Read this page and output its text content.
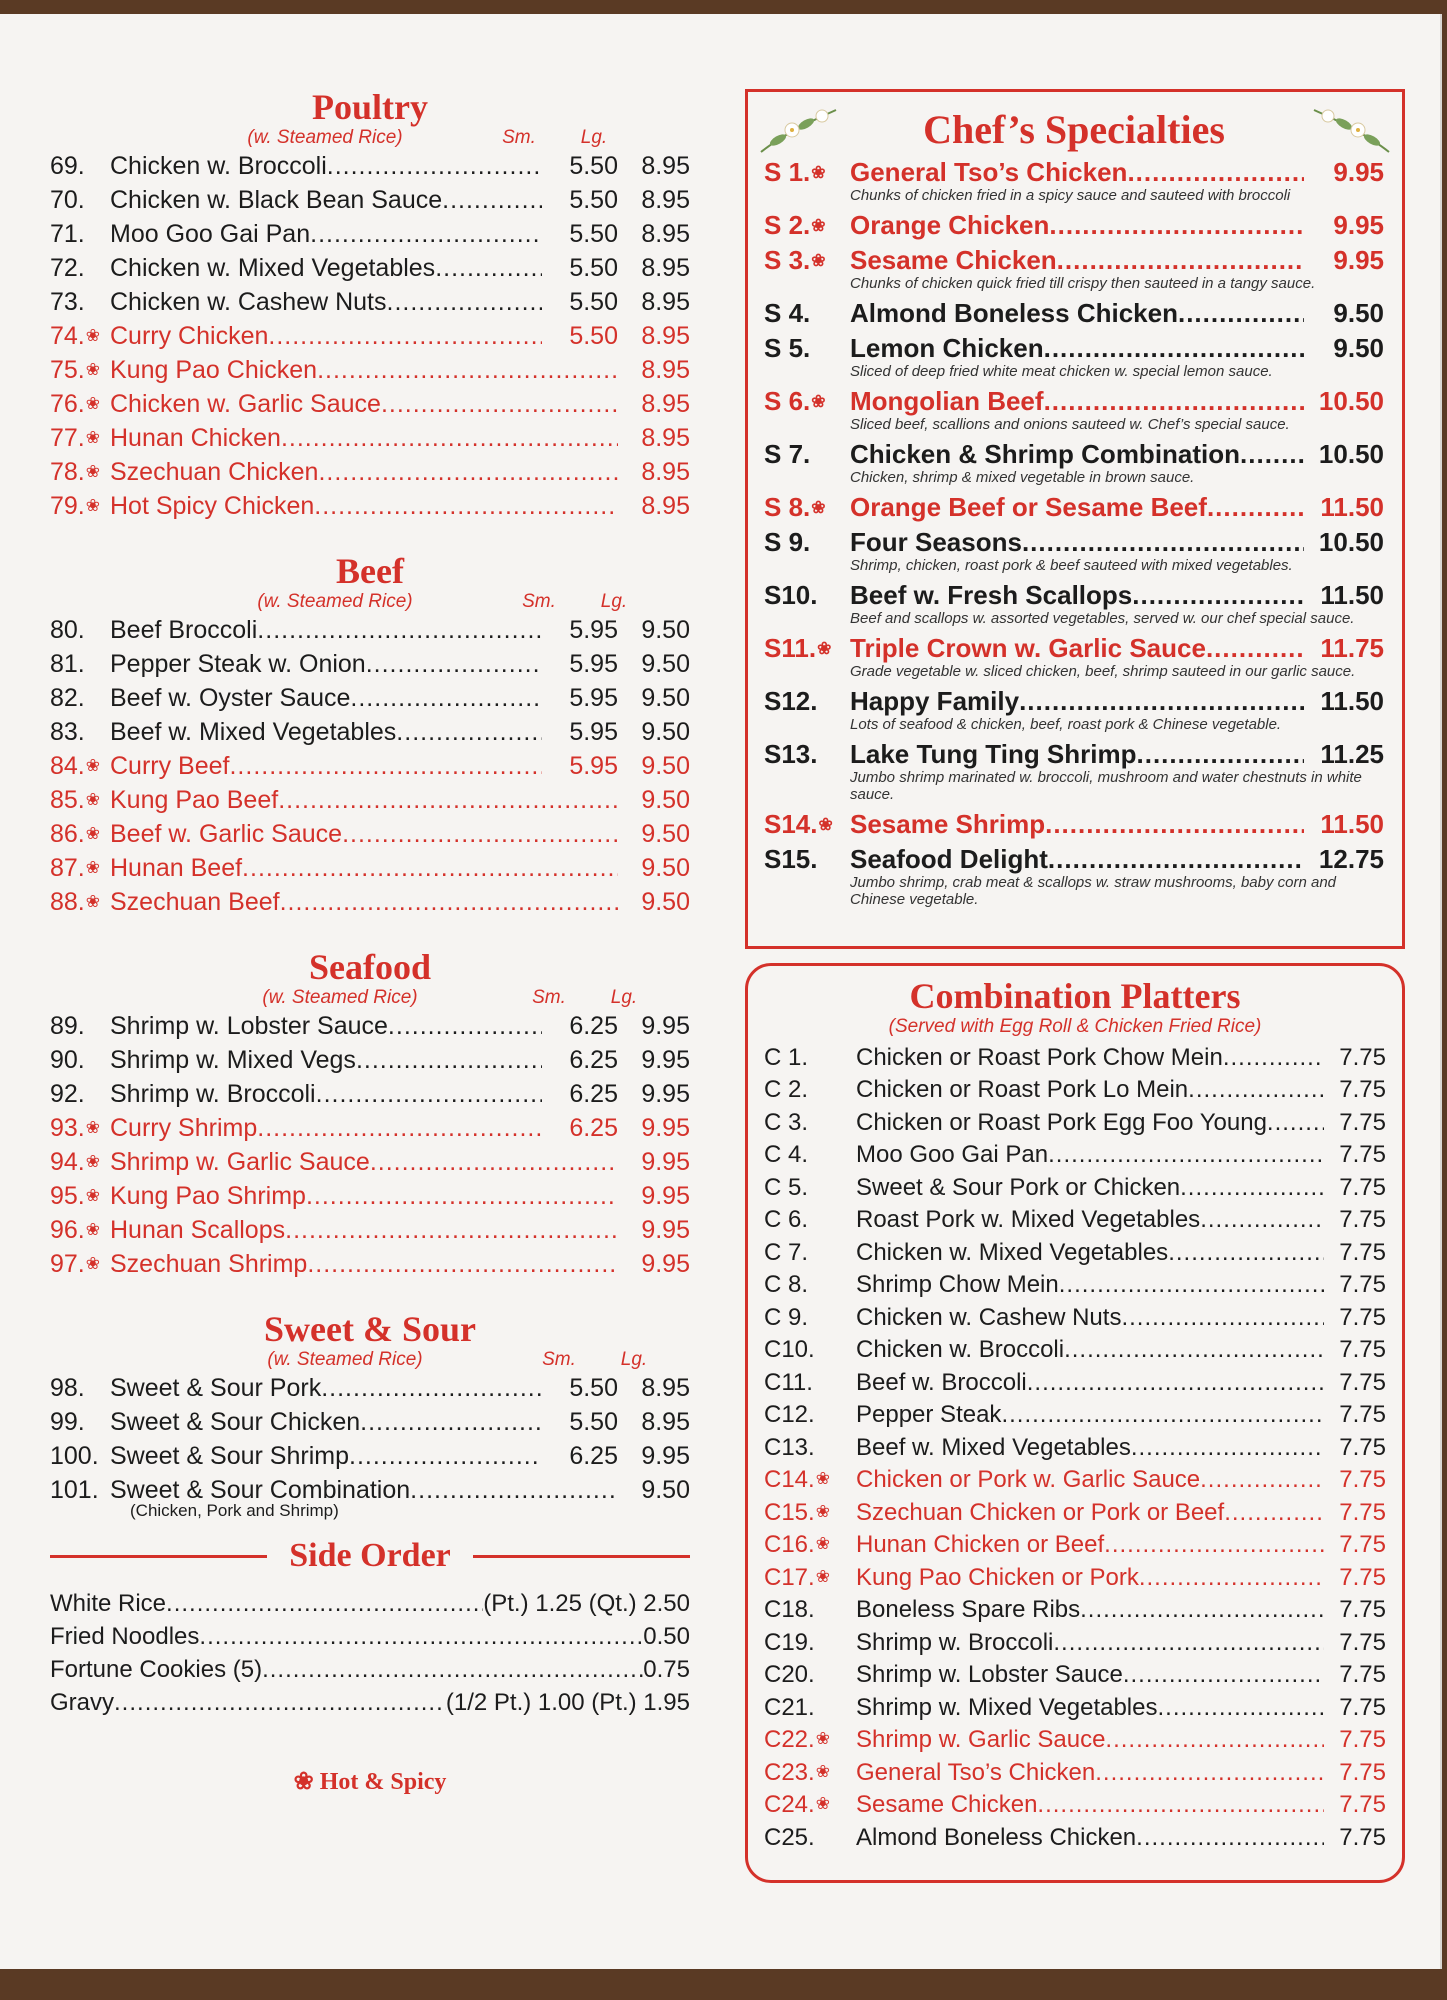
Poultry
(w. Steamed Rice)	Sm.	Lg.
69.	Chicken w. Broccoli .....	5.50 8.95
70.	Chicken w. Black Bean Sauce .....	5.50 8.95
71.	Moo Goo Gai Pan .....	5.50 8.95
72.	Chicken w. Mixed Vegetables .....	5.50 8.95
73.	Chicken w. Cashew Nuts .....	5.50 8.95
74.❀ Curry Chicken .....	5.50 8.95
75.❀ Kung Pao Chicken .....	8.95
76.❀ Chicken w. Garlic Sauce .....	8.95
77.❀ Hunan Chicken .....	8.95
78.❀ Szechuan Chicken .....	8.95
79.❀ Hot Spicy Chicken .....	8.95
Beef
(w. Steamed Rice)	Sm.	Lg.
80.	Beef Broccoli .....	5.95 9.50
81.	Pepper Steak w. Onion .....	5.95 9.50
82.	Beef w. Oyster Sauce .....	5.95 9.50
83.	Beef w. Mixed Vegetables .....	5.95 9.50
84.❀ Curry Beef .....	5.95 9.50
85.❀ Kung Pao Beef .....	9.50
86.❀ Beef w. Garlic Sauce .....	9.50
87.❀ Hunan Beef .....	9.50
88.❀ Szechuan Beef .....	9.50
Seafood
(w. Steamed Rice)	Sm.	Lg.
89.	Shrimp w. Lobster Sauce .....	6.25 9.95
90.	Shrimp w. Mixed Vegs .....	6.25 9.95
92.	Shrimp w. Broccoli .....	6.25 9.95
93.❀ Curry Shrimp .....	6.25 9.95
94.❀ Shrimp w. Garlic Sauce .....	9.95
95.❀ Kung Pao Shrimp .....	9.95
96.❀ Hunan Scallops .....	9.95
97.❀ Szechuan Shrimp .....	9.95
Sweet & Sour
(w. Steamed Rice)	Sm.	Lg.
98.	Sweet & Sour Pork .....	5.50 8.95
99.	Sweet & Sour Chicken .....	5.50 8.95
100. Sweet & Sour Shrimp .....	6.25 9.95
101. Sweet & Sour Combination .....	9.50
(Chicken, Pork and Shrimp)
Side Order
White Rice .....	(Pt.) 1.25 (Qt.) 2.50
Fried Noodles .....	0.50
Fortune Cookies (5) .....	0.75
Gravy .....	(1/2 Pt.) 1.00 (Pt.) 1.95
❀ Hot & Spicy
Chef’s Specialties
S 1.❀ General Tso’s Chicken .....	9.95
Chunks of chicken fried in a spicy sauce and sauteed with broccoli
S 2.❀ Orange Chicken .....	9.95
S 3.❀ Sesame Chicken .....	9.95
Chunks of chicken quick fried till crispy then sauteed in a tangy sauce.
S 4.	Almond Boneless Chicken .....	9.50
S 5.	Lemon Chicken .....	9.50
Sliced of deep fried white meat chicken w. special lemon sauce.
S 6.❀ Mongolian Beef .....	10.50
Sliced beef, scallions and onions sauteed w. Chef’s special sauce.
S 7.	Chicken & Shrimp Combination .....	10.50
Chicken, shrimp & mixed vegetable in brown sauce.
S 8.❀ Orange Beef or Sesame Beef .....	11.50
S 9.	Four Seasons .....	10.50
Shrimp, chicken, roast pork & beef sauteed with mixed vegetables.
S10.	Beef w. Fresh Scallops .....	11.50
Beef and scallops w. assorted vegetables, served w. our chef special sauce.
S11.❀ Triple Crown w. Garlic Sauce .....	11.75
Grade vegetable w. sliced chicken, beef, shrimp sauteed in our garlic sauce.
S12.	Happy Family .....	11.50
Lots of seafood & chicken, beef, roast pork & Chinese vegetable.
S13.	Lake Tung Ting Shrimp .....	11.25
Jumbo shrimp marinated w. broccoli, mushroom and water chestnuts in white sauce.
S14.❀ Sesame Shrimp .....	11.50
S15.	Seafood Delight .....	12.75
Jumbo shrimp, crab meat & scallops w. straw mushrooms, baby corn and Chinese vegetable.
Combination Platters
(Served with Egg Roll & Chicken Fried Rice)
C 1.	Chicken or Roast Pork Chow Mein .....	7.75
C 2.	Chicken or Roast Pork Lo Mein .....	7.75
C 3.	Chicken or Roast Pork Egg Foo Young .....	7.75
C 4.	Moo Goo Gai Pan .....	7.75
C 5.	Sweet & Sour Pork or Chicken .....	7.75
C 6.	Roast Pork w. Mixed Vegetables .....	7.75
C 7.	Chicken w. Mixed Vegetables .....	7.75
C 8.	Shrimp Chow Mein .....	7.75
C 9.	Chicken w. Cashew Nuts .....	7.75
C10.	Chicken w. Broccoli .....	7.75
C11.	Beef w. Broccoli .....	7.75
C12.	Pepper Steak .....	7.75
C13.	Beef w. Mixed Vegetables .....	7.75
C14.❀	Chicken or Pork w. Garlic Sauce .....	7.75
C15.❀	Szechuan Chicken or Pork or Beef .....	7.75
C16.❀	Hunan Chicken or Beef .....	7.75
C17.❀	Kung Pao Chicken or Pork .....	7.75
C18.	Boneless Spare Ribs .....	7.75
C19.	Shrimp w. Broccoli .....	7.75
C20.	Shrimp w. Lobster Sauce .....	7.75
C21.	Shrimp w. Mixed Vegetables .....	7.75
C22.❀	Shrimp w. Garlic Sauce .....	7.75
C23.❀	General Tso’s Chicken .....	7.75
C24.❀	Sesame Chicken .....	7.75
C25.	Almond Boneless Chicken .....	7.75
